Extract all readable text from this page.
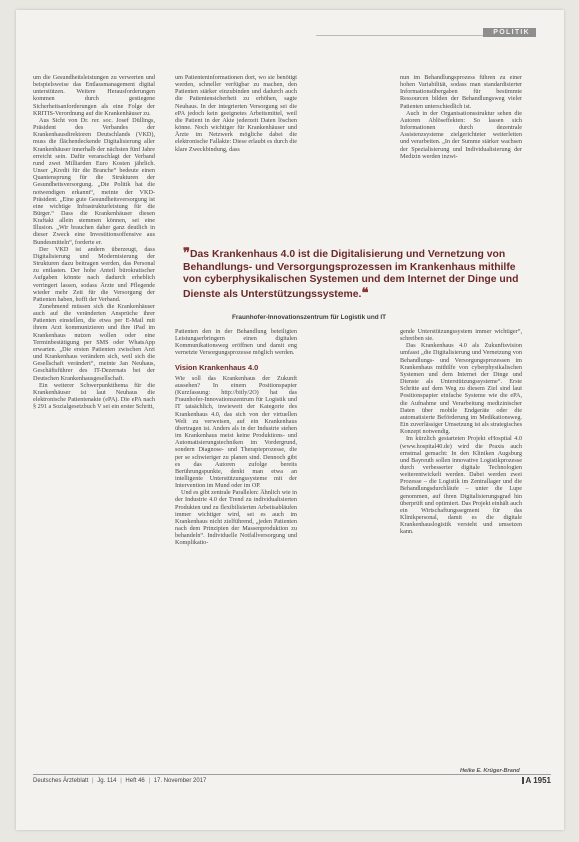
POLITIK

um die Gesundheitsleistungen zu verwerten und beispielsweise das Entlassmanagement digital unterstützen. Weitere Herausforderungen kommen durch gestiegene Sicherheitsanforderungen als eine Folge der KRITIS-Verordnung auf die Krankenhäuser zu.

Aus Sicht von Dr. rer. soc. Josef Düllings, Präsident des Verbandes der Krankenhausdirektoren Deutschlands (VKD), muss die flächendeckende Digitalisierung aller Krankenhäuser innerhalb der nächsten fünf Jahre erreicht sein. Dafür veranschlagt der Verband rund zwei Milliarden Euro Kosten jährlich. Unser „Kredit für die Branche“ bedeute einen Quantensprung für die Strukturen der Gesundheitsversorgung. „Die Politik hat die notwendigen erkannt“, meinte der VKD-Präsident. „Eine gute Gesundheitsversorgung ist eine wichtige Infrastrukturleistung für die Bürger.“ Dass die Krankenhäuser diesen Kraftakt allein stemmen können, sei eine Illusion. „Wir brauchen daher ganz deutlich in dieser Zweck eine Investitionsoffensive aus Bundesmitteln“, forderte er.

Der VKD ist andern überzeugt, dass Digitalisierung und Modernisierung der Strukturen dazu beitragen werden, das Personal zu entlasten. Der hohe Anteil bürokratischer Aufgaben könnte nach dadurch erheblich verringert lassen, sodass Ärzte und Pflegende wieder mehr Zeit für die Versorgung der Patienten haben, hofft der Verband.

Zunehmend müssen sich die Krankenhäuser auch auf die veränderten Ansprüche ihrer Patienten einstellen, die etwa per E-Mail mit ihrem Arzt kommunizieren und ihre iPad im Krankenhaus nutzen wollen oder eine Terminbestätigung per SMS oder WhatsApp erwarten. „Die ersten Patienten zwischen Arzt und Krankenhaus verändern sich, weil sich die Gesellschaft verändert“, meinte Jan Neuhaus, Geschäftsführer des IT-Dezernats bei der Deutschen Krankenhausgesellschaft.

Ein weiterer Schwerpunktthema für die Krankenhäuser ist laut Neuhaus die elektronische Patientenakte (ePA). Die ePA nach § 291 a Sozialgesetzbuch V sei ein erster Schritt,

um Patienteninformationen dort, wo sie benötigt werden, schneller verfügbar zu machen, den Patienten stärker einzubinden und dadurch auch die Patientensicherheit zu erhöhen, sagte Neuhaus. In der integrierten Versorgung sei die ePA jedoch kein geeignetes Arbeitsmittel, weil die Patient in der Akte jederzeit Daten löschen könne. Noch wichtiger für Krankenhäuser und Ärzte im Netzwerk mögliche dabei die elektronische Fallakte: Diese erlaubt es durch die klare Zweckbindung, dass

nun im Behandlungsprozess führen zu einer hohen Variabilität, sodass man standardisierter Informationsübergaben für bestimmte Ressourcen bilden der Behandlungsweg vieler Patienten unterschiedlich ist.

Auch in der Organisationsstruktur sehen die Autoren Ablöseffekten: So lassen sich Informationen durch dezentrale Assistenzsysteme zielgerichteter weiterleiten und verarbeiten. „In der Summe stärker wachsen der Spezialisierung und Individualisierung der Medizin werden inzwi-

❞Das Krankenhaus 4.0 ist die Digitalisierung und Vernetzung von Behandlungs- und Versorgungsprozessen im Krankenhaus mithilfe von cyberphysikalischen Systemen und dem Internet der Dinge und Dienste als Unterstützungssysteme.❝
Fraunhofer-Innovationszentrum für Logistik und IT

Patienten den in der Behandlung beteiligten Leistungserbringern einen digitalen Kommunikationsweg eröffnen und damit eng vernetzte Versorgungsprozesse möglich werden.

Vision Krankenhaus 4.0

Wie soll das Krankenhaus der Zukunft aussehen? In einem Positionspapier (Kurzfassung: http://bitly/2O) hat das Fraunhofer-Innovationszentrum für Logistik und IT tatsächlich, inwieweit der Kategorie des Krankenhaus 4.0, das sich von der virtuellen Welt zu verweisen, auf ein Krankenhaus übertragen ist. Anders als in der Industrie stehen im Krankenhaus meist keine Produktions- und Automatisierungstechniken im Vordergrund, sondern Diagnose- und Therapieprozesse, die per se schwieriger zu planen sind. Dennoch gibt es das Autoren zufolge bereits Berührungspunkte, denkt man etwa an intelligente Unterstützungssysteme mit der Intervention im Mund oder im OP.

Und es gibt zentrale Parallelen: Ähnlich wie in der Industrie 4.0 der Trend zu individualisierten Produkten und zu flexibilisierten Arbeitsabläufen immer wichtiger wird, sei es auch im Krankenhaus nicht zielführend, „jeden Patienten nach dem Prinzipien der Massenproduktion zu behandeln“. Individuelle Notfallversorgung und Komplikatio-

gende Unterstützungssystem immer wichtiger“, schreiben sie.

Das Krankenhaus 4.0 als Zukunftsvision umfasst „die Digitalisierung und Vernetzung von Behandlungs- und Versorgungsprozessen im Krankenhaus mithilfe von cyberphysikalischen Systemen und dem Internet der Dinge und Dienste als Unterstützungssysteme“. Erste Schritte auf dem Weg zu diesem Ziel sind laut Positionspapier einfache Systeme wie die ePA, die Aufnahme und Verarbeitung medizinischer Daten über mobile Endgeräte oder die automatisierte Beförderung im Medikationsweg. Ein zuverlässiger Umsetzung ist als strategisches Konzept notwendig.

Im kürzlich gestarteten Projekt eHospital 4.0 (www.hospital40.de) wird die Praxis auch ernstmal gemacht: In den Kliniken Augsburg und Bayreuth sollen innovative Logistikprozesse durch verbesserter digitale Technologien weiterentwickelt werden. Dabei werden zwei Prozesse – die Logistik im Zentrallager und die Behandlungsdurchläufe – unter die Lupe genommen, auf ihren Digitalisierungsgrad hin überprüft und optimiert. Das Projekt einhält auch ein Wirtschaftungssegment für das Klinikpersonal, damit es die digitale Krankenhauslogistik versteht und umsetzen kann.

Heike E. Krüger-Brand
Deutsches Ärzteblatt | Jg. 114 | Heft 46 | 17. November 2017	A 1951
